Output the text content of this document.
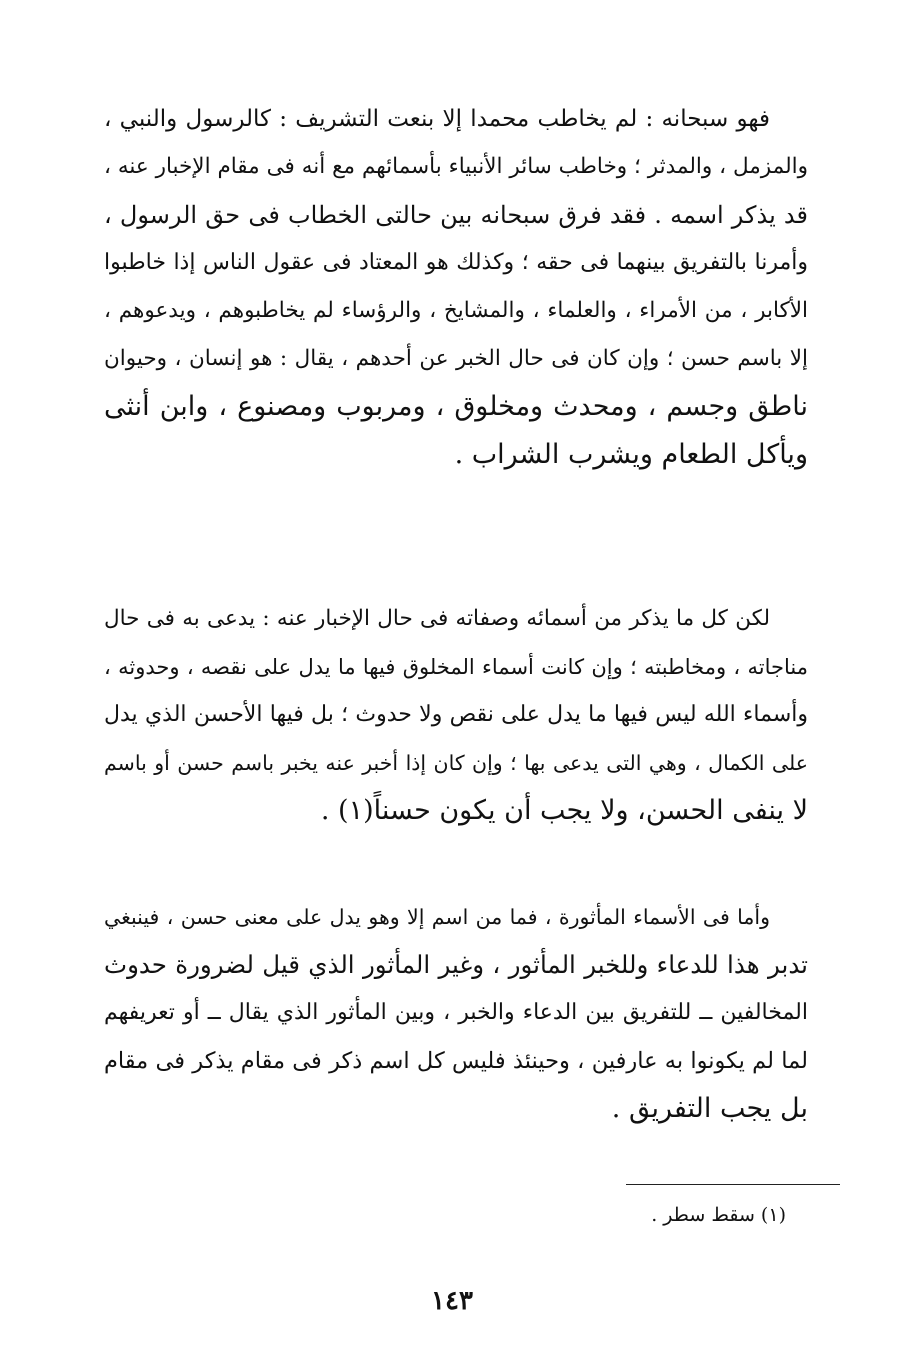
فهو سبحانه : لم يخاطب محمدا إلا بنعت التشريف : كالرسول والنبي ،
والمزمل ، والمدثر ؛ وخاطب سائر الأنبياء بأسمائهم مع أنه فى مقام الإخبار عنه ،
قد يذكر اسمه . فقد فرق سبحانه بين حالتى الخطاب فى حق الرسول ،
وأمرنا بالتفريق بينهما فى حقه ؛ وكذلك هو المعتاد فى عقول الناس إذا خاطبوا
الأكابر ، من الأمراء ، والعلماء ، والمشايخ ، والرؤساء لم يخاطبوهم ، ويدعوهم ،
إلا باسم حسن ؛ وإن كان فى حال الخبر عن أحدهم ، يقال : هو إنسان ، وحيوان
ناطق وجسم ، ومحدث ومخلوق ، ومربوب ومصنوع ، وابن أنثى
ويأكل الطعام ويشرب الشراب .
لكن كل ما يذكر من أسمائه وصفاته فى حال الإخبار عنه : يدعى به فى حال
مناجاته ، ومخاطبته ؛ وإن كانت أسماء المخلوق فيها ما يدل على نقصه ، وحدوثه ،
وأسماء الله ليس فيها ما يدل على نقص ولا حدوث ؛ بل فيها الأحسن الذي يدل
على الكمال ، وهي التى يدعى بها ؛ وإن كان إذا أخبر عنه يخبر باسم حسن أو باسم
لا ينفى الحسن، ولا يجب أن يكون حسناً(١) .
وأما فى الأسماء المأثورة ، فما من اسم إلا وهو يدل على معنى حسن ، فينبغي
تدبر هذا للدعاء وللخبر المأثور ، وغير المأثور الذي قيل لضرورة حدوث
المخالفين ــ للتفريق بين الدعاء والخبر ، وبين المأثور الذي يقال ــ أو تعريفهم
لما لم يكونوا به عارفين ، وحينئذ فليس كل اسم ذكر فى مقام يذكر فى مقام
بل يجب التفريق .
(١) سقط سطر .
١٤٣
